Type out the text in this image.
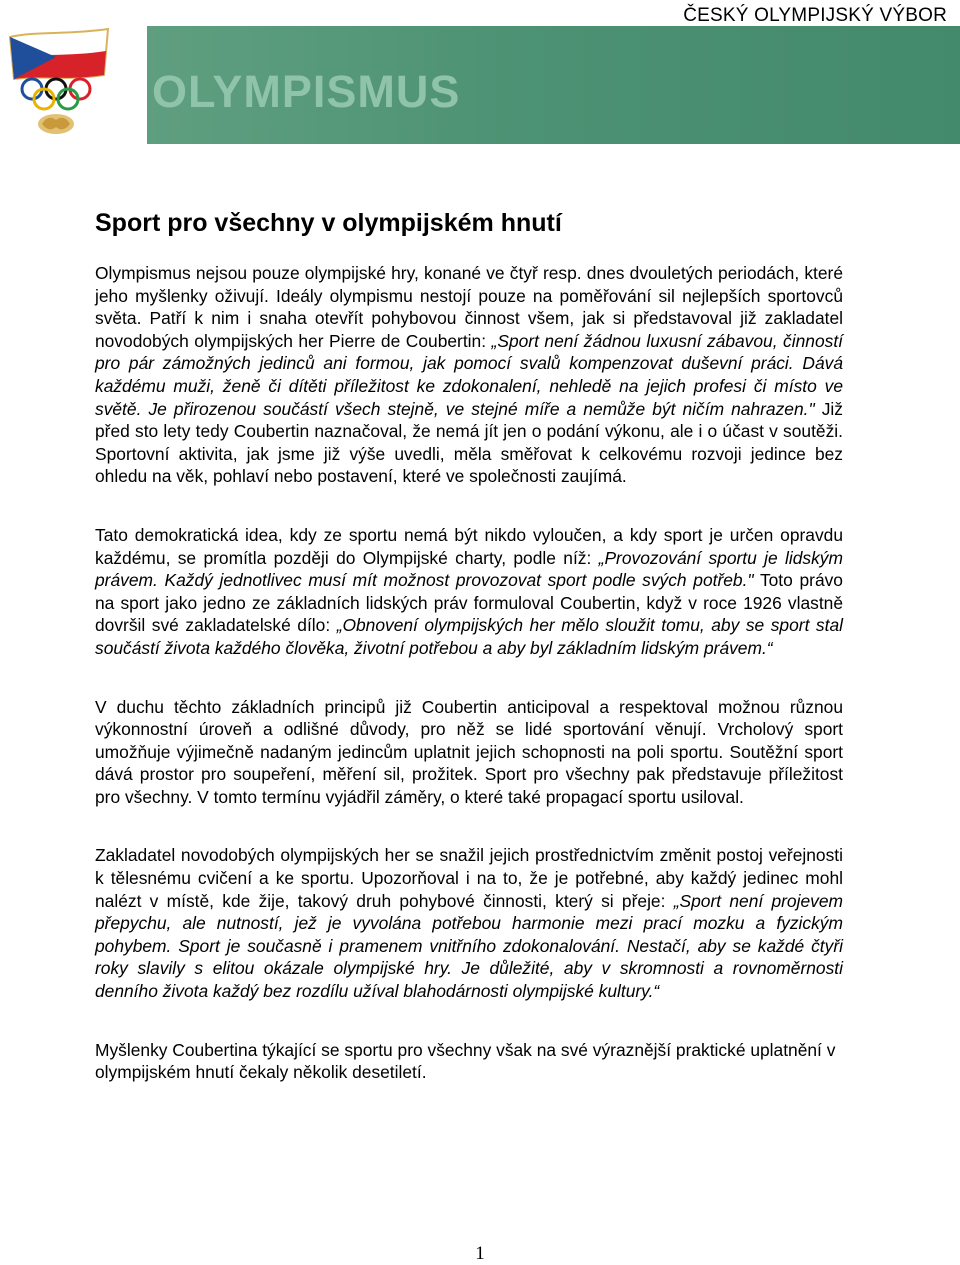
ČESKÝ OLYMPIJSKÝ VÝBOR
OLYMPISMUS
Sport pro všechny v olympijském hnutí

Olympismus nejsou pouze olympijské hry, konané ve čtyř resp. dnes dvouletých periodách, které jeho myšlenky oživují. Ideály olympismu nestojí pouze na poměřování sil nejlepších sportovců světa. Patří k nim i snaha otevřít pohybovou činnost všem, jak si představoval již zakladatel novodobých olympijských her Pierre de Coubertin: „Sport není žádnou luxusní zábavou, činností pro pár zámožných jedinců ani formou, jak pomocí svalů kompenzovat duševní práci. Dává každému muži, ženě či dítěti příležitost ke zdokonalení, nehledě na jejich profesi či místo ve světě. Je přirozenou součástí všech stejně, ve stejné míře a nemůže být ničím nahrazen." Již před sto lety tedy Coubertin naznačoval, že nemá jít jen o podání výkonu, ale i o účast v soutěži. Sportovní aktivita, jak jsme již výše uvedli, měla směřovat k celkovému rozvoji jedince bez ohledu na věk, pohlaví nebo postavení, které ve společnosti zaujímá.

Tato demokratická idea, kdy ze sportu nemá být nikdo vyloučen, a kdy sport je určen opravdu každému, se promítla později do Olympijské charty, podle níž: „Provozování sportu je lidským právem. Každý jednotlivec musí mít možnost provozovat sport podle svých potřeb." Toto právo na sport jako jedno ze základních lidských práv formuloval Coubertin, když v roce 1926 vlastně dovršil své zakladatelské dílo: „Obnovení olympijských her mělo sloužit tomu, aby se sport stal součástí života každého člověka, životní potřebou a aby byl základním lidským právem.“

V duchu těchto základních principů již Coubertin anticipoval a respektoval možnou různou výkonnostní úroveň a odlišné důvody, pro něž se lidé sportování věnují. Vrcholový sport umožňuje výjimečně nadaným jedincům uplatnit jejich schopnosti na poli sportu. Soutěžní sport dává prostor pro soupeření, měření sil, prožitek. Sport pro všechny pak představuje příležitost pro všechny. V tomto termínu vyjádřil záměry, o které také propagací sportu usiloval.

Zakladatel novodobých olympijských her se snažil jejich prostřednictvím změnit postoj veřejnosti k tělesnému cvičení a ke sportu. Upozorňoval i na to, že je potřebné, aby každý jedinec mohl nalézt v místě, kde žije, takový druh pohybové činnosti, který si přeje: „Sport není projevem přepychu, ale nutností, jež je vyvolána potřebou harmonie mezi prací mozku a fyzickým pohybem. Sport je současně i pramenem vnitřního zdokonalování. Nestačí, aby se každé čtyři roky slavily s elitou okázale olympijské hry. Je důležité, aby v skromnosti a rovnoměrnosti denního života každý bez rozdílu užíval blahodárnosti olympijské kultury.“

Myšlenky Coubertina týkající se sportu pro všechny však na své výraznější praktické uplatnění v olympijském hnutí čekaly několik desetiletí.

1
